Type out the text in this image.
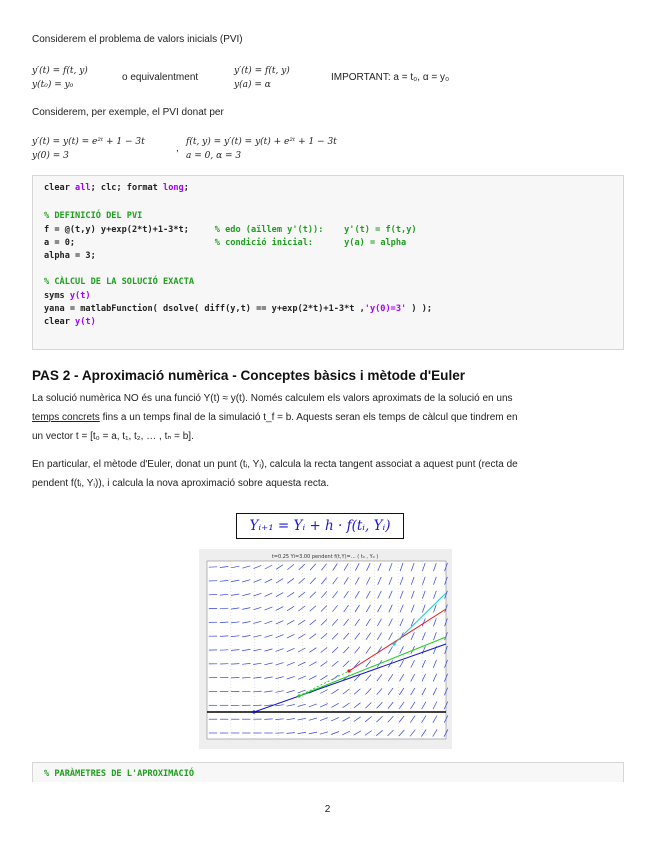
Considerem el problema de valors inicials (PVI)
y′(t) = f(t, y)
y(t₀) = y₀
o equivalentment
y′(t) = f(t, y)
y(a) = α
IMPORTANT: a = t₀, α = y₀
Considerem, per exemple, el PVI donat per
y′(t) = y(t) = e²ᵗ + 1 − 3t
y(0) = 3
,
f(t, y) = y′(t) = y(t) + e²ᵗ + 1 − 3t
a = 0, α = 3
clear all; clc; format long;
% DEFINICIÓ DEL PVI
f = @(t,y) y+exp(2*t)+1-3*t;     % edo (aïllem y'(t)):    y'(t) = f(t,y)
a = 0;                           % condició inicial:      y(a) = alpha
alpha = 3;
% CÀLCUL DE LA SOLUCIÓ EXACTA
syms y(t)
yana = matlabFunction( dsolve( diff(y,t) == y+exp(2*t)+1-3*t ,'y(0)=3' ) );
clear y(t)
PAS 2 - Aproximació numèrica - Conceptes bàsics i mètode d'Euler
La solució numèrica NO és una funció Y(t) ≈ y(t). Només calculem els valors aproximats de la solució en uns
temps concrets fins a un temps final de la simulació t_f = b. Aquests seran els temps de càlcul que tindrem en
un vector t = [t₀ = a, t₁, t₂, … , tₙ = b].
En particular, el mètode d'Euler, donat un punt (tᵢ, Yᵢ), calcula la recta tangent associat a aquest punt (recta de
pendent f(tᵢ, Yᵢ)), i calcula la nova aproximació sobre aquesta recta.
Yᵢ₊₁ = Yᵢ + h · f(tᵢ, Yᵢ)
t=0.25 Yi=3.00 pendent f(t,Y)=… ( t₀ , Y₀ )
% PARÀMETRES DE L'APROXIMACIÓ
2
